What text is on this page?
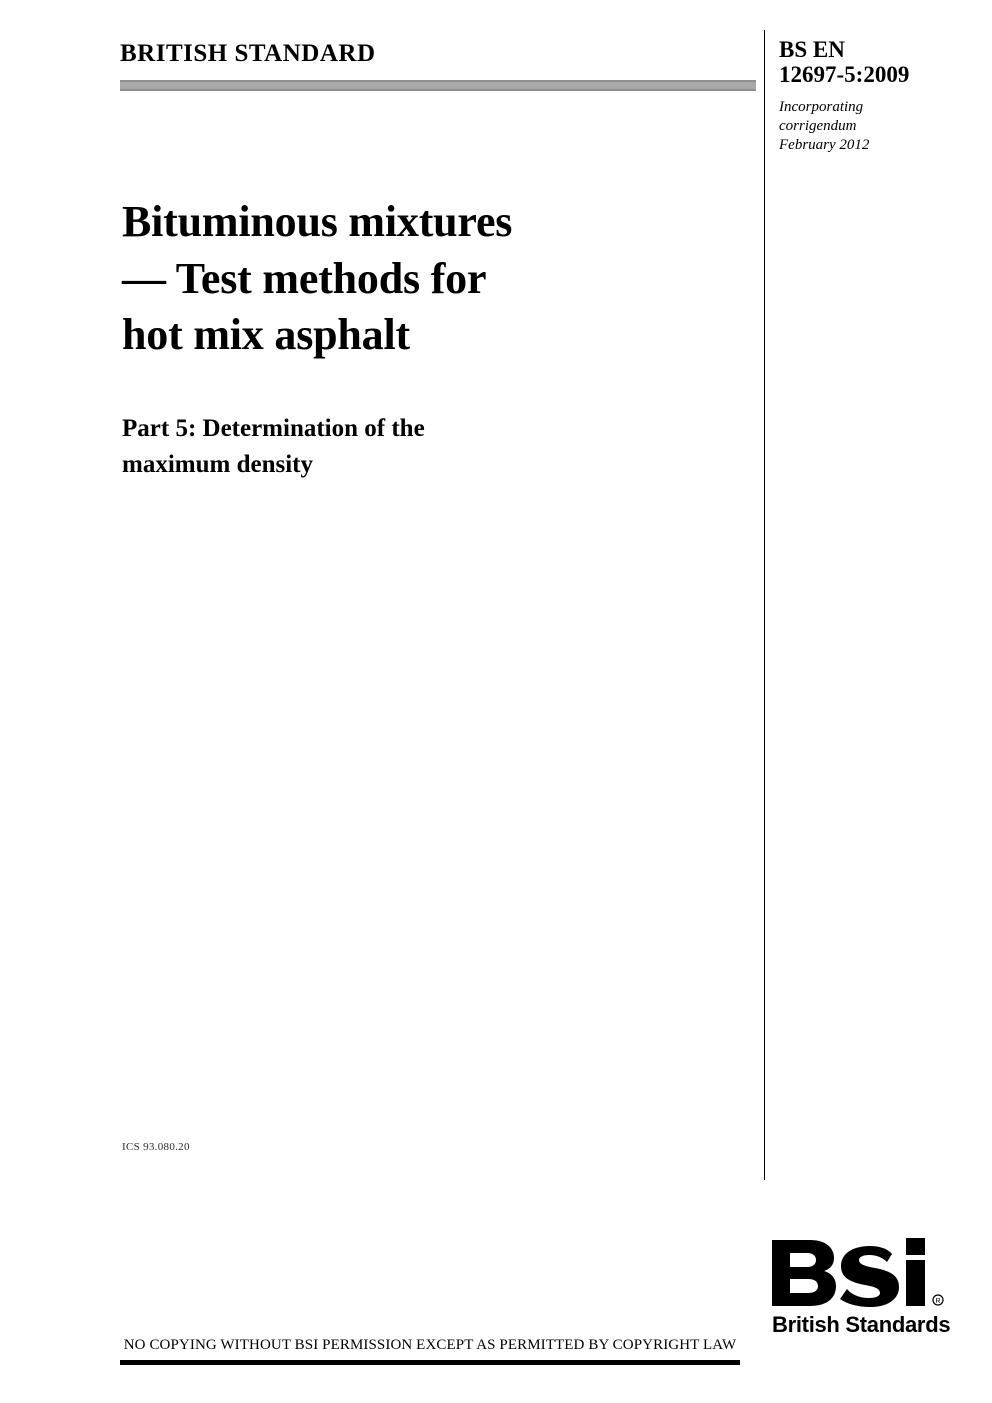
BRITISH STANDARD	BS EN
12697-5:2009
Incorporating
corrigendum
February 2012
Bituminous mixtures
— Test methods for
hot mix asphalt
Part 5: Determination of the
maximum density
ICS 93.080.20
R
British Standards
NO COPYING WITHOUT BSI PERMISSION EXCEPT AS PERMITTED BY COPYRIGHT LAW
